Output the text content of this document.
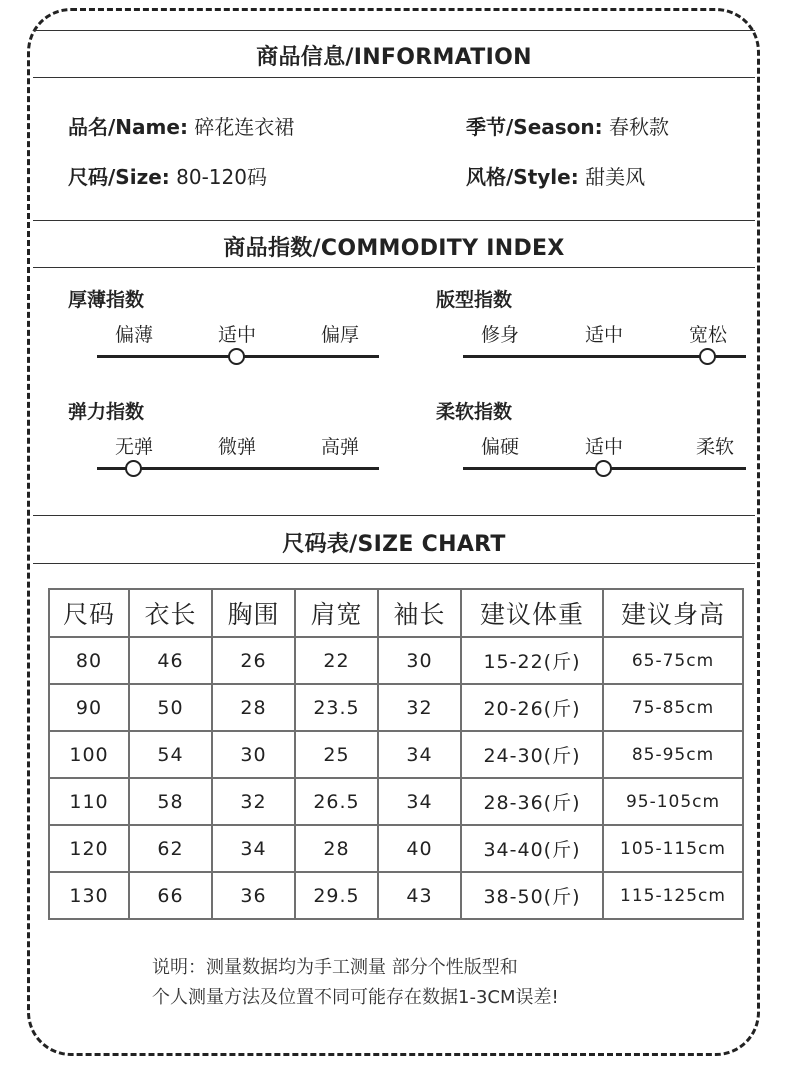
商品信息/INFORMATION
品名/Name: 碎花连衣裙	季节/Season: 春秋款
尺码/Size: 80-120码	风格/Style: 甜美风
商品指数/COMMODITY INDEX
厚薄指数
偏薄	适中	偏厚
版型指数
修身	适中	宽松
弹力指数
无弹	微弹	高弹
柔软指数
偏硬	适中	柔软
尺码表/SIZE CHART
尺码	衣长	胸围	肩宽	袖长	建议体重	建议身高
80	46	26	22	30	15-22(斤)	65-75cm
90	50	28	23.5	32	20-26(斤)	75-85cm
100	54	30	25	34	24-30(斤)	85-95cm
110	58	32	26.5	34	28-36(斤)	95-105cm
120	62	34	28	40	34-40(斤)	105-115cm
130	66	36	29.5	43	38-50(斤)	115-125cm
说明：测量数据均为手工测量 部分个性版型和
个人测量方法及位置不同可能存在数据1-3CM误差!
